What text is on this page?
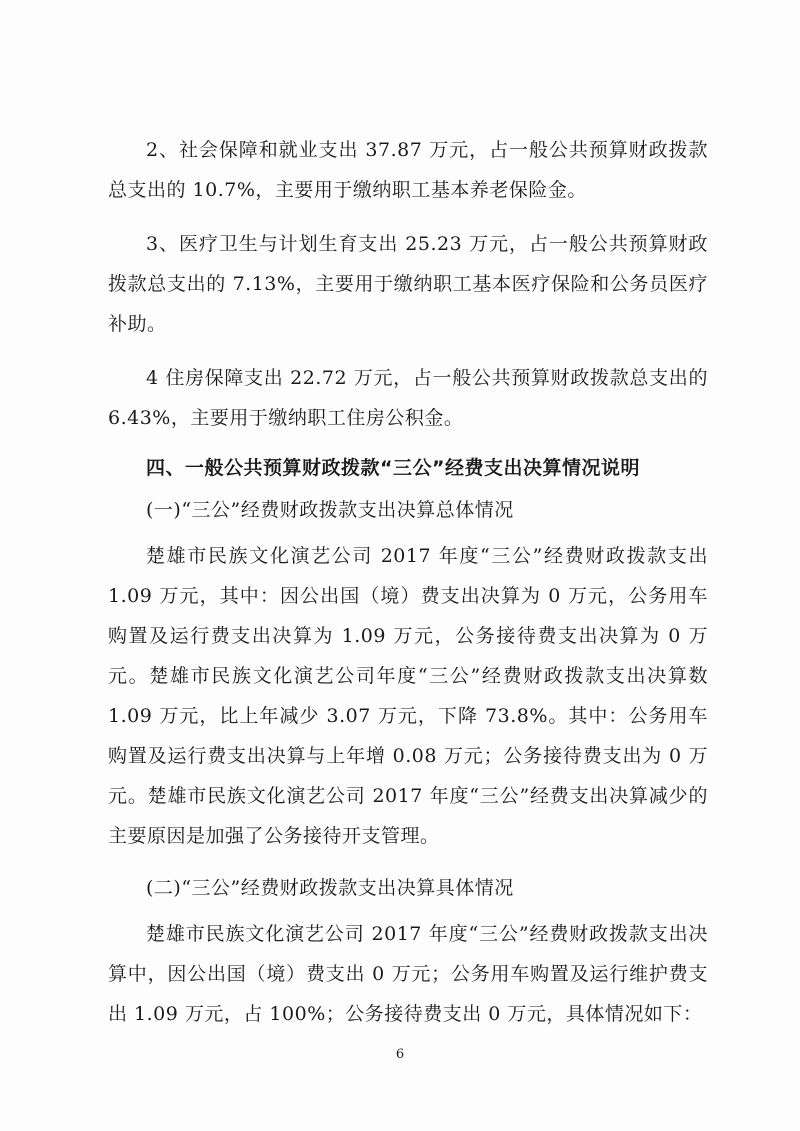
2、社会保障和就业支出 37.87 万元，占一般公共预算财政拨款总支出的 10.7%，主要用于缴纳职工基本养老保险金。

3、医疗卫生与计划生育支出 25.23 万元，占一般公共预算财政拨款总支出的 7.13%，主要用于缴纳职工基本医疗保险和公务员医疗补助。

4 住房保障支出 22.72 万元，占一般公共预算财政拨款总支出的 6.43%，主要用于缴纳职工住房公积金。

四、一般公共预算财政拨款“三公”经费支出决算情况说明

(一)“三公”经费财政拨款支出决算总体情况

楚雄市民族文化演艺公司 2017 年度“三公”经费财政拨款支出 1.09 万元，其中：因公出国（境）费支出决算为 0 万元，公务用车购置及运行费支出决算为 1.09 万元，公务接待费支出决算为 0 万元。楚雄市民族文化演艺公司年度“三公”经费财政拨款支出决算数 1.09 万元，比上年减少 3.07 万元，下降 73.8%。其中：公务用车购置及运行费支出决算与上年增 0.08 万元；公务接待费支出为 0 万元。楚雄市民族文化演艺公司 2017 年度“三公”经费支出决算减少的主要原因是加强了公务接待开支管理。

(二)“三公”经费财政拨款支出决算具体情况

楚雄市民族文化演艺公司 2017 年度“三公”经费财政拨款支出决算中，因公出国（境）费支出 0 万元；公务用车购置及运行维护费支出 1.09 万元，占 100%；公务接待费支出 0 万元，具体情况如下：

6
